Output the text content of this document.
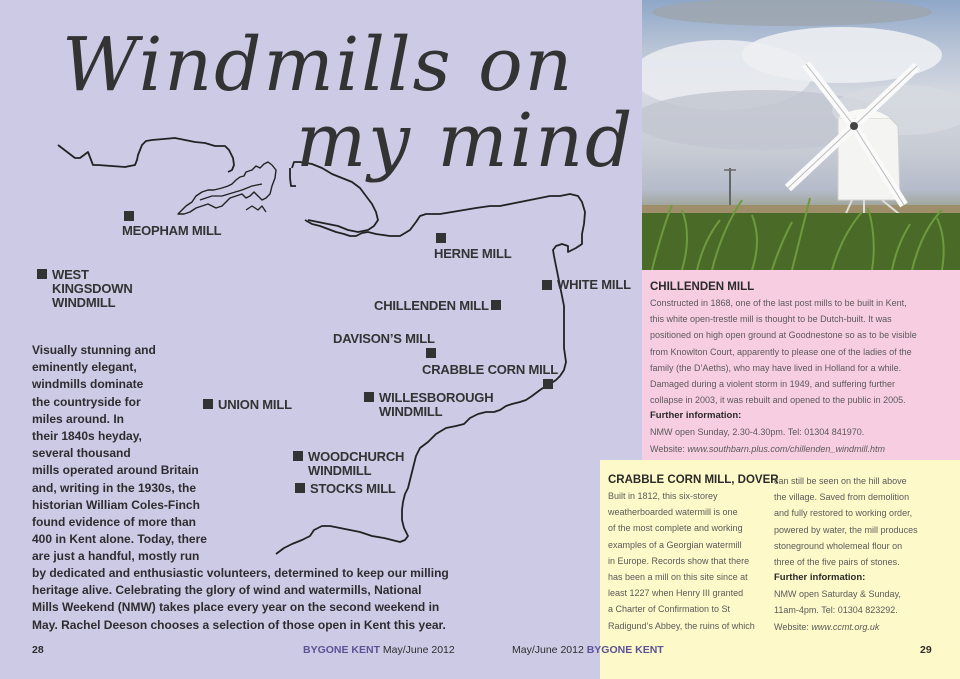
Windmills on
my mind
MEOPHAM MILL
WEST
KINGSDOWN
WINDMILL
HERNE MILL
WHITE MILL
CHILLENDEN MILL
DAVISON’S MILL
CRABBLE CORN MILL
UNION MILL	WILLESBOROUGH
WINDMILL
WOODCHURCH
WINDMILL
STOCKS MILL
Visually stunning and
eminently elegant,
windmills dominate
the countryside for
miles around. In
their 1840s heyday,
several thousand
mills operated around Britain
and, writing in the 1930s, the
historian William Coles-Finch
found evidence of more than
400 in Kent alone. Today, there
are just a handful, mostly run
by dedicated and enthusiastic volunteers, determined to keep our milling
heritage alive. Celebrating the glory of wind and watermills, National
Mills Weekend (NMW) takes place every year on the second weekend in
May. Rachel Deeson chooses a selection of those open in Kent this year.
CHILLENDEN MILL
Constructed in 1868, one of the last post mills to be built in Kent,
this white open-trestle mill is thought to be Dutch-built. It was
positioned on high open ground at Goodnestone so as to be visible
from Knowlton Court, apparently to please one of the ladies of the
family (the D’Aeths), who may have lived in Holland for a while.
Damaged during a violent storm in 1949, and suffering further
collapse in 2003, it was rebuilt and opened to the public in 2005.
Further information:
NMW open Sunday, 2.30-4.30pm. Tel: 01304 841970.
Website: www.southbarn.plus.com/chillenden_windmill.htm
CRABBLE CORN MILL, DOVER
Built in 1812, this six-storey
weatherboarded watermill is one
of the most complete and working
examples of a Georgian watermill
in Europe. Records show that there
has been a mill on this site since at
least 1227 when Henry III granted
a Charter of Confirmation to St
Radigund’s Abbey, the ruins of which
can still be seen on the hill above
the village. Saved from demolition
and fully restored to working order,
powered by water, the mill produces
stoneground wholemeal flour on
three of the five pairs of stones.
Further information:
NMW open Saturday & Sunday,
11am-4pm. Tel: 01304 823292.
Website: www.ccmt.org.uk
28	BYGONE KENT May/June 2012	May/June 2012 BYGONE KENT	29
